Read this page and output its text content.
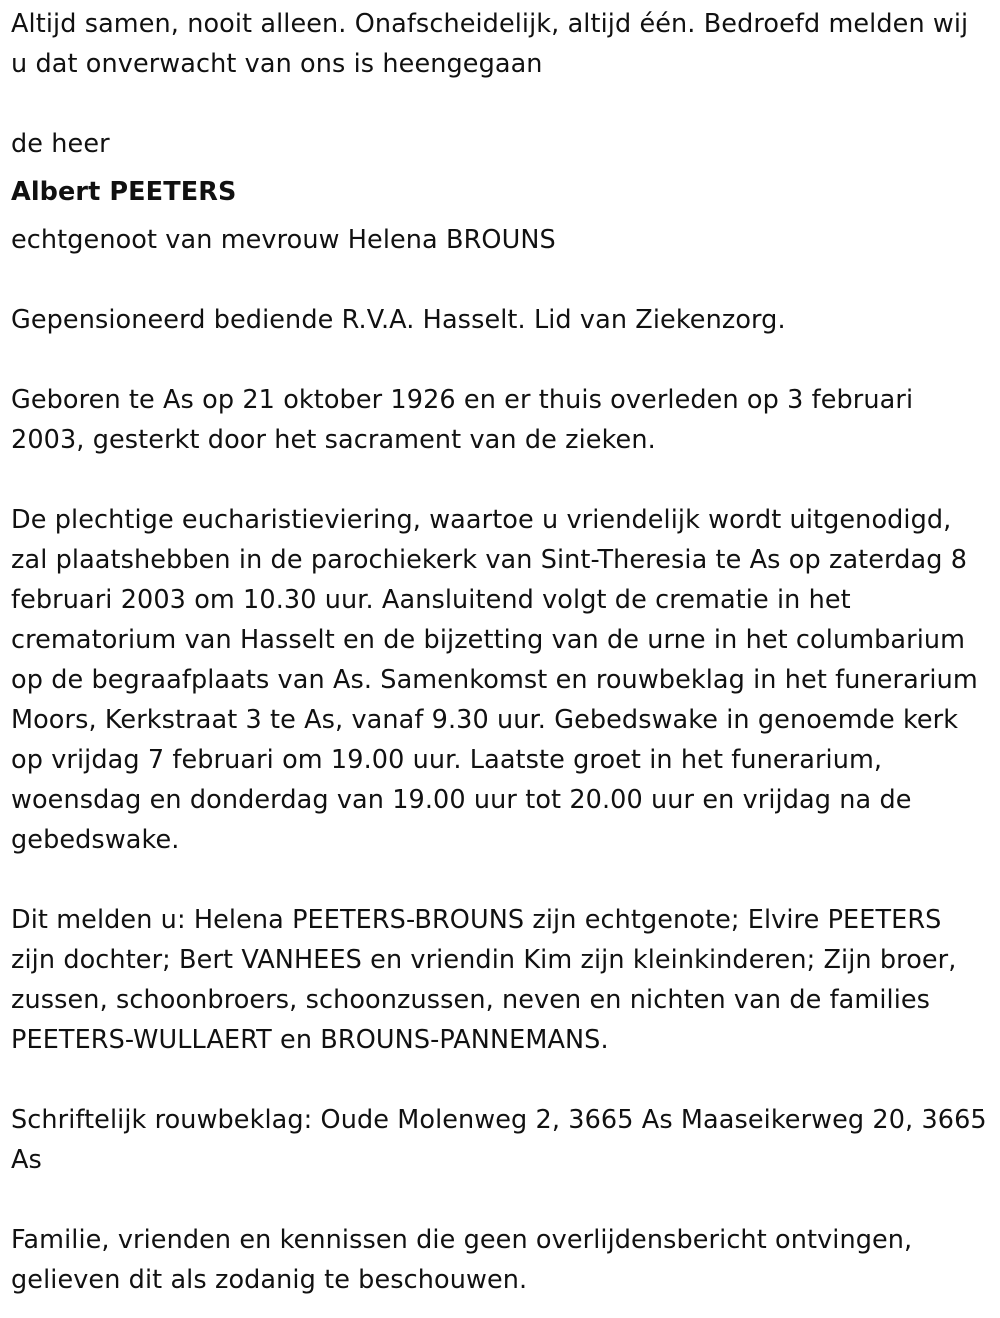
Altijd samen, nooit alleen. Onafscheidelijk, altijd één. Bedroefd melden wij u dat onverwacht van ons is heengegaan

de heer

Albert PEETERS

echtgenoot van mevrouw Helena BROUNS

Gepensioneerd bediende R.V.A. Hasselt. Lid van Ziekenzorg.

Geboren te As op 21 oktober 1926 en er thuis overleden op 3 februari 2003, gesterkt door het sacrament van de zieken.

De plechtige eucharistieviering, waartoe u vriendelijk wordt uitgenodigd, zal plaatshebben in de parochiekerk van Sint-Theresia te As op zaterdag 8 februari 2003 om 10.30 uur. Aansluitend volgt de crematie in het crematorium van Hasselt en de bijzetting van de urne in het columbarium op de begraafplaats van As. Samenkomst en rouwbeklag in het funerarium Moors, Kerkstraat 3 te As, vanaf 9.30 uur. Gebedswake in genoemde kerk op vrijdag 7 februari om 19.00 uur. Laatste groet in het funerarium, woensdag en donderdag van 19.00 uur tot 20.00 uur en vrijdag na de gebedswake.

Dit melden u: Helena PEETERS-BROUNS zijn echtgenote; Elvire PEETERS zijn dochter; Bert VANHEES en vriendin Kim zijn kleinkinderen; Zijn broer, zussen, schoonbroers, schoonzussen, neven en nichten van de families PEETERS-WULLAERT en BROUNS-PANNEMANS.

Schriftelijk rouwbeklag: Oude Molenweg 2, 3665 As Maaseikerweg 20, 3665 As

Familie, vrienden en kennissen die geen overlijdensbericht ontvingen, gelieven dit als zodanig te beschouwen.
